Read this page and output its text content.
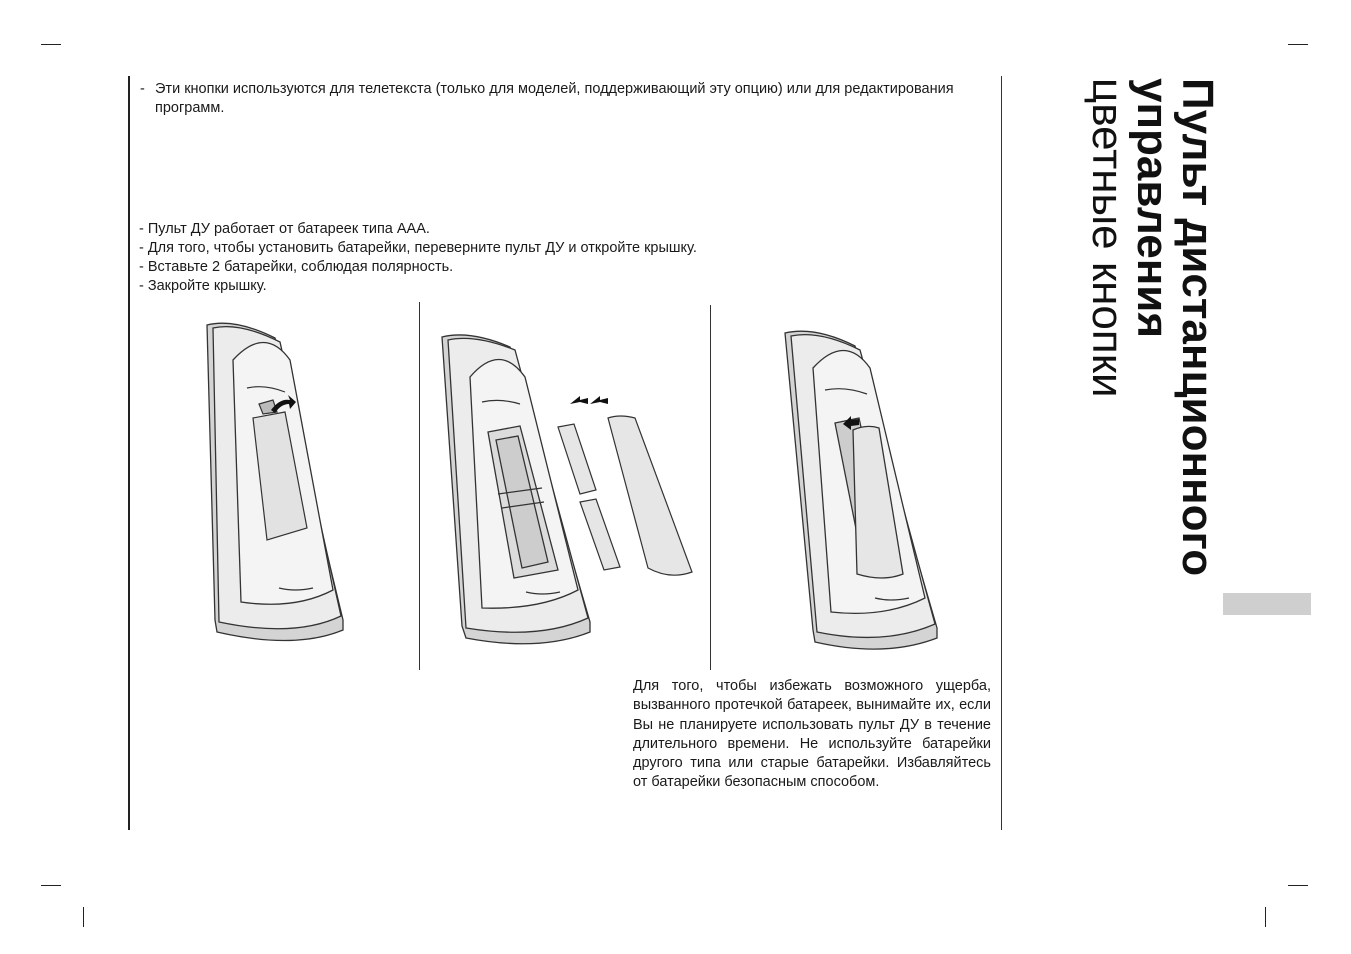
- Эти кнопки используются для телетекста (только для моделей, поддерживающий эту опцию) или для редактирования программ.
- Пульт ДУ работает от батареек типа ААА.
- Для того, чтобы установить батарейки, переверните пульт ДУ и откройте крышку.
- Вставьте 2 батарейки, соблюдая полярность.
- Закройте крышку.
Для того, чтобы избежать возможного ущерба, вызванного протечкой батареек, вынимайте их, если Вы не планируете использовать пульт ДУ в течение длительного времени. Не используйте батарейки другого типа или старые батарейки. Избавляйтесь от батарейки безопасным способом.
Пульт дистанционного
управления
цветные кнопки
